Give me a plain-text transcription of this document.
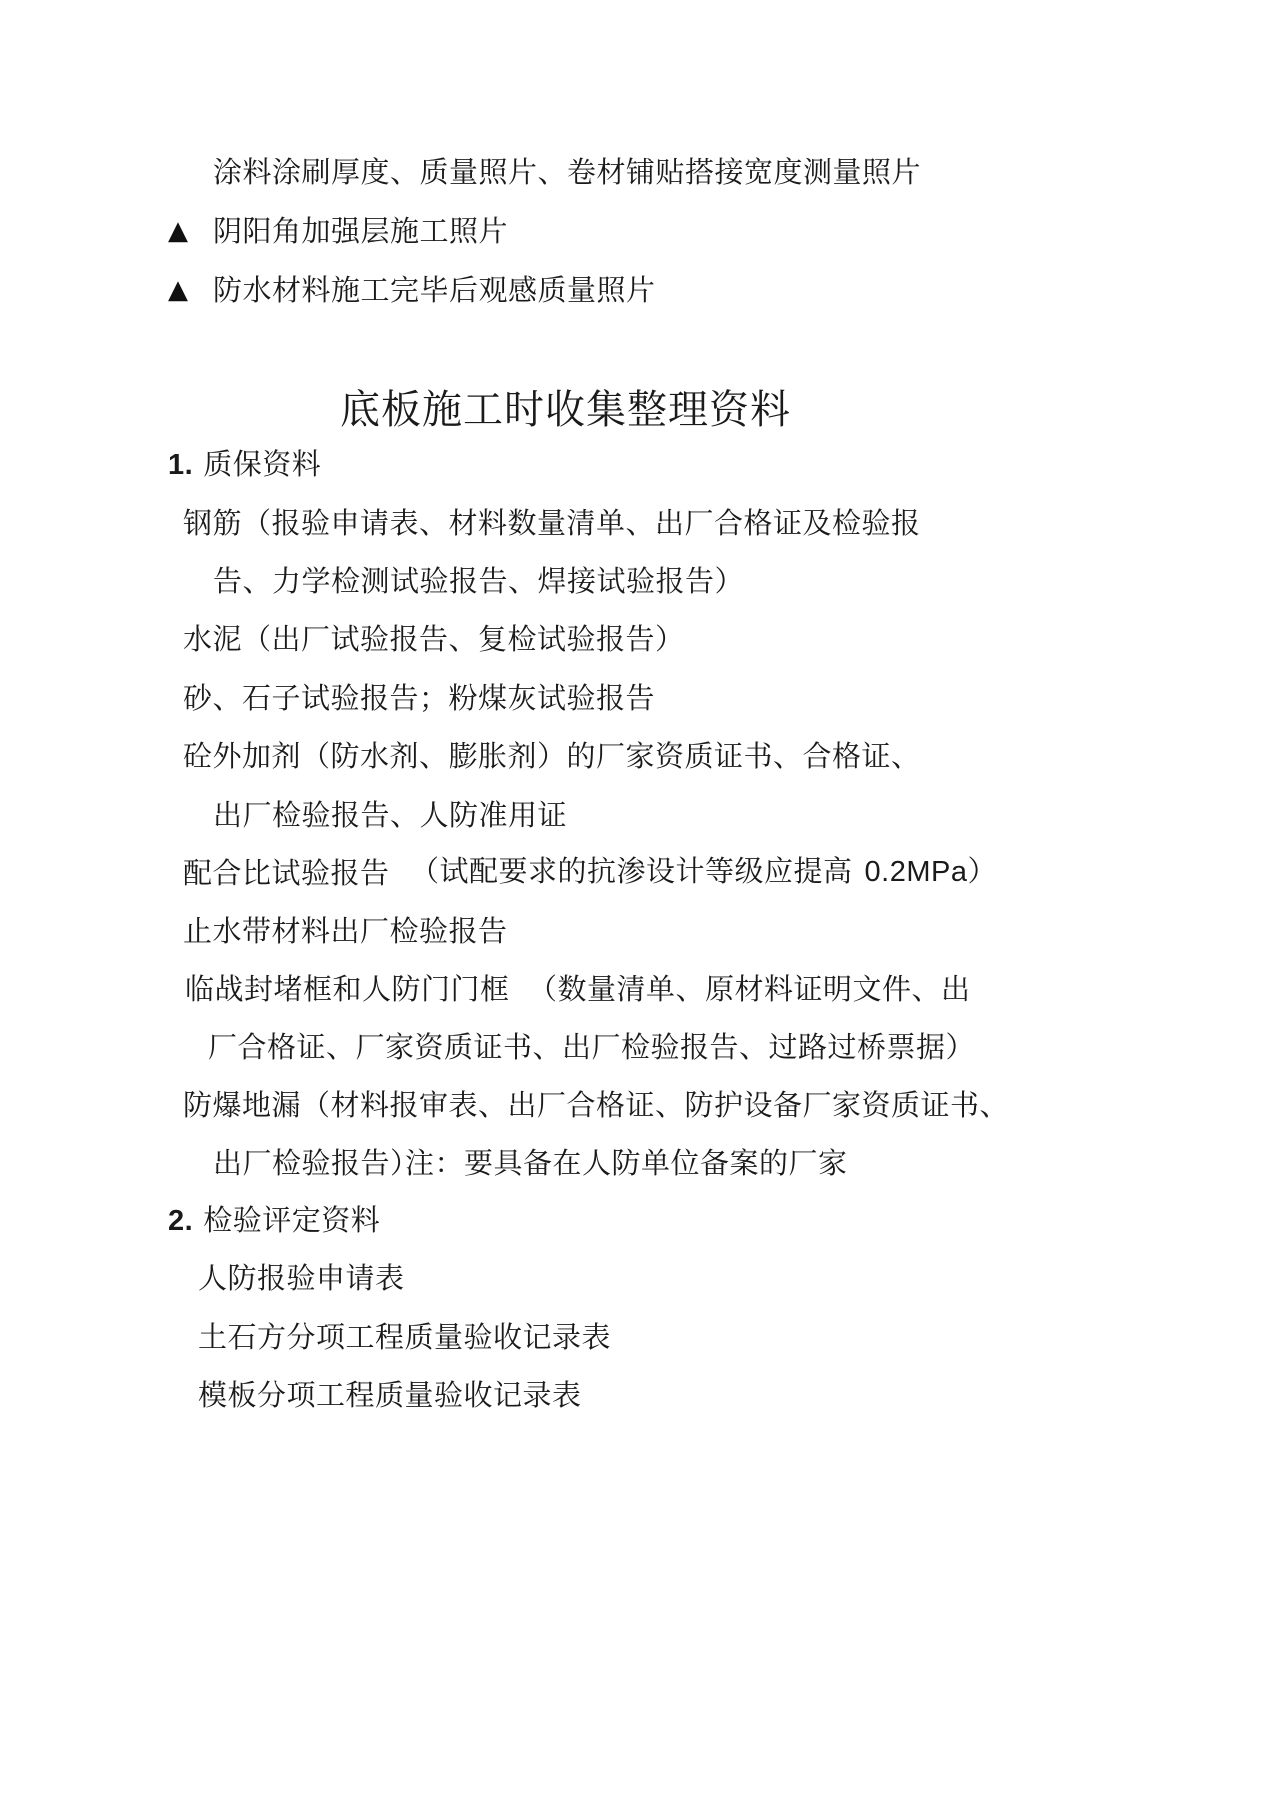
涂料涂刷厚度、质量照片、卷材铺贴搭接宽度测量照片
▲ 阴阳角加强层施工照片
▲ 防水材料施工完毕后观感质量照片
底板施工时收集整理资料
1. 质保资料
钢筋（报验申请表、材料数量清单、出厂合格证及检验报
告、力学检测试验报告、焊接试验报告）
水泥（出厂试验报告、复检试验报告）
砂、石子试验报告；粉煤灰试验报告
砼外加剂（防水剂、膨胀剂）的厂家资质证书、合格证、
出厂检验报告、人防准用证
配合比试验报告 （试配要求的抗渗设计等级应提高 0.2MPa）
止水带材料出厂检验报告
临战封堵框和人防门门框 （数量清单、原材料证明文件、出
厂合格证、厂家资质证书、出厂检验报告、过路过桥票据）
防爆地漏（材料报审表、出厂合格证、防护设备厂家资质证书、
出厂检验报告）
注：要具备在人防单位备案的厂家
2. 检验评定资料
人防报验申请表
土石方分项工程质量验收记录表
模板分项工程质量验收记录表
